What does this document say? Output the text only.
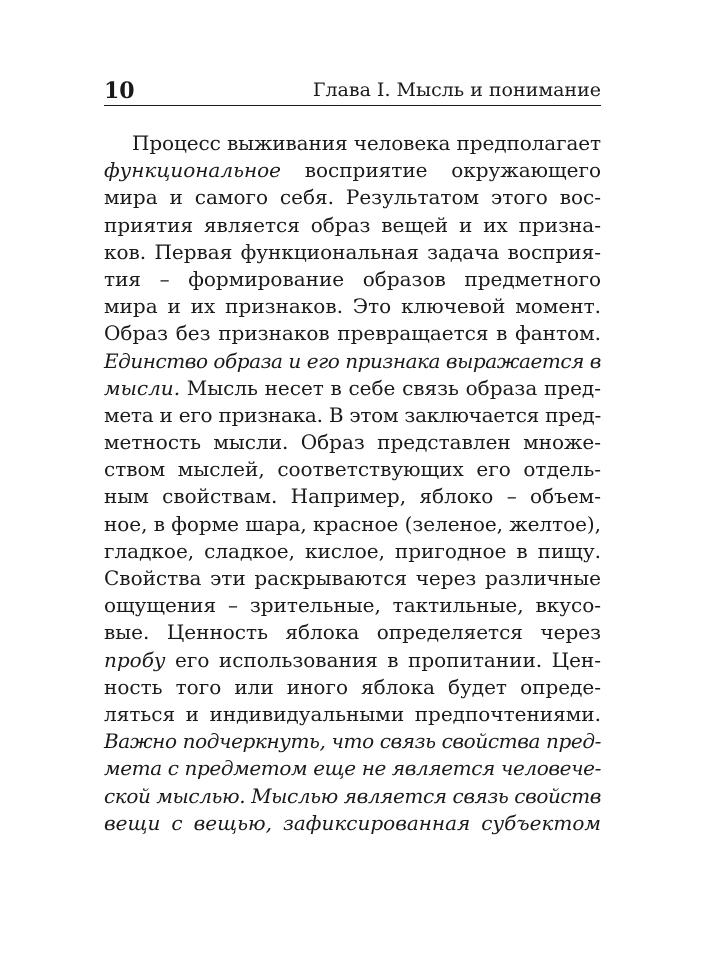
10	Глава I. Мысль и понимание
Процесс выживания человека предполагает
функциональное восприятие окружающего
мира и самого себя. Результатом этого вос-
приятия является образ вещей и их призна-
ков. Первая функциональная задача восприя-
тия – формирование образов предметного
мира и их признаков. Это ключевой момент.
Образ без признаков превращается в фантом.
Единство образа и его признака выражается в
мысли. Мысль несет в себе связь образа пред-
мета и его признака. В этом заключается пред-
метность мысли. Образ представлен множе-
ством мыслей, соответствующих его отдель-
ным свойствам. Например, яблоко – объем-
ное, в форме шара, красное (зеленое, желтое),
гладкое, сладкое, кислое, пригодное в пищу.
Свойства эти раскрываются через различные
ощущения – зрительные, тактильные, вкусо-
вые. Ценность яблока определяется через
пробу его использования в пропитании. Цен-
ность того или иного яблока будет опреде-
ляться и индивидуальными предпочтениями.
Важно подчеркнуть, что связь свойства пред-
мета с предметом еще не является человече-
ской мыслью. Мыслью является связь свойств
вещи с вещью, зафиксированная субъектом
